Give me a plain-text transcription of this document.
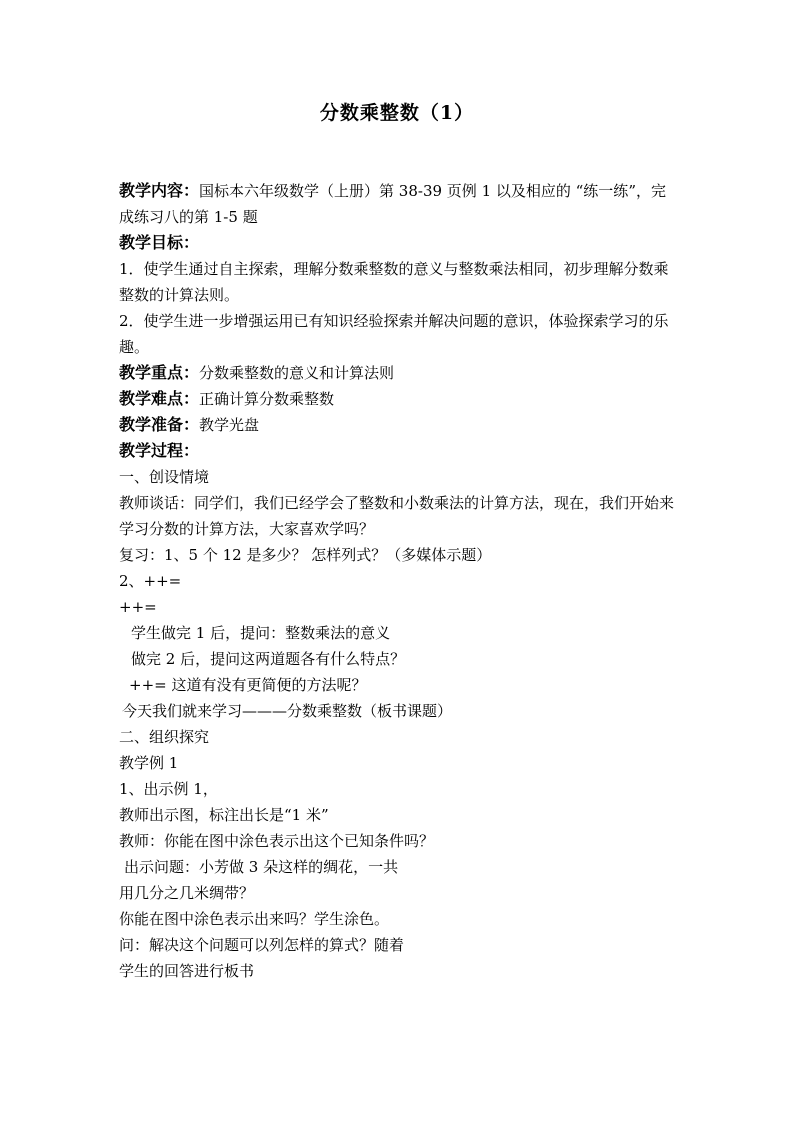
分数乘整数（1）
教学内容：国标本六年级数学（上册）第 38-39 页例 1 以及相应的 “练一练”，完成练习八的第 1-5 题
教学目标：
1．使学生通过自主探索，理解分数乘整数的意义与整数乘法相同，初步理解分数乘整数的计算法则。
2．使学生进一步增强运用已有知识经验探索并解决问题的意识，体验探索学习的乐趣。
教学重点：分数乘整数的意义和计算法则
教学难点：正确计算分数乘整数
教学准备：教学光盘
教学过程：
一、创设情境
教师谈话：同学们，我们已经学会了整数和小数乘法的计算方法，现在，我们开始来学习分数的计算方法，大家喜欢学吗？
复习：1、5 个 12 是多少？ 怎样列式？（多媒体示题）
2、++=
++=
学生做完 1 后，提问：整数乘法的意义
做完 2 后，提问这两道题各有什么特点？
++= 这道有没有更简便的方法呢？
今天我们就来学习———分数乘整数（板书课题）
二、组织探究
教学例 1
1、出示例 1，
教师出示图，标注出长是“1 米”
教师：你能在图中涂色表示出这个已知条件吗？
出示问题：小芳做 3 朵这样的绸花，一共
用几分之几米绸带？
你能在图中涂色表示出来吗？学生涂色。
问：解决这个问题可以列怎样的算式？随着
学生的回答进行板书
